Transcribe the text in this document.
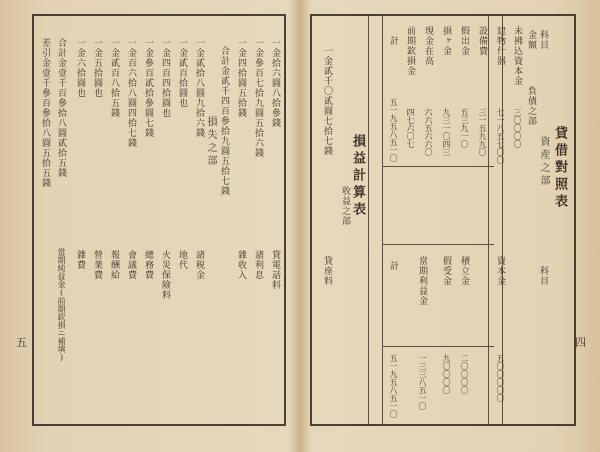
四
貸借對照表
資産之部
負債之部
科目
金額
未拂込資本金
建物什器
設備費
假出金
損ヶ金
現金在高
前期欽損金
計
三〇〇〇〇
七一八五七〇〇
三一五九九〇
五三九一〇
九三一〇四三
六六五六六〇
四七六〇七
五一九五八五一〇
科目
資本金
積立金
假受金
當期利益金
計
五〇〇〇〇〇
二〇〇〇〇
九〇〇〇〇
一三三八五一〇
五一九五八五一〇
損益計算表
收益之部
一金貳千〇貳圓七拾七錢
貸座料
五
貸電話料
諸利息
雜收入
諸税金
地代
火災保險料
總務費
會議費
報酬給
營業費
雜費
一金拾六圓八拾參錢
一金參百七拾九圓五拾六錢
一金四拾圓五拾錢
合計金貳千四百參拾九圓五拾七錢
損失之部
一金貳拾八圓九拾六錢
一金貳百拾圓也
一金四百四拾圓也
一金參百貳拾參圓七錢
一金百六拾八圓四拾七錢
一金貳百八拾五錢
一金五拾圓也
一金六拾圓也
合計金壹千百參拾八圓貳拾五錢
差引金壹千參百參拾八圓五拾五錢
當期純益金(前期欽損ニ補填)
